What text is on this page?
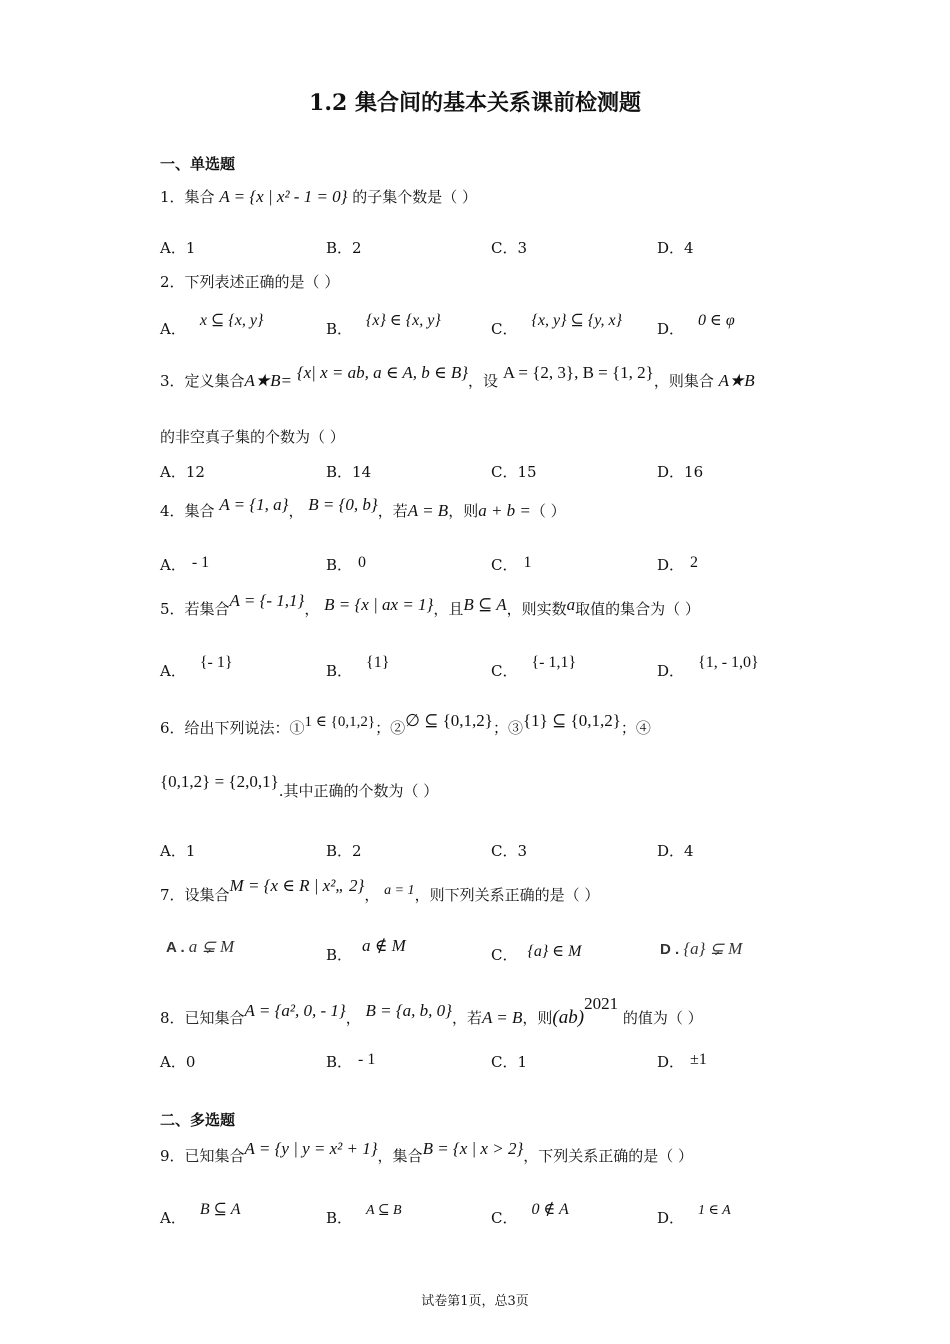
1.2 集合间的基本关系课前检测题
一、单选题
1．集合 A = {x | x² - 1 = 0} 的子集个数是（ ）
A．1	B．2	C．3	D．4
2．下列表述正确的是（ ）
A． x ⊆ {x, y}	B． {x} ∈ {x, y}	C． {x, y} ⊆ {y, x} D． 0 ∈ φ
3．定义集合A★B= {x| x = ab, a ∈ A, b ∈ B}，设 A = {2, 3}, B = {1, 2}，则集合 A★B
的非空真子集的个数为（ ）
A．12	B．14	C．15	D．16
4．集合 A = {1, a}， B = {0, b}，若A = B，则a + b =（ ）
A． - 1	B． 0	C． 1	D． 2
5．若集合A = {- 1,1}， B = {x | ax = 1}，且B ⊆ A，则实数a取值的集合为（ ）
A． {- 1}	B． {1}	C． {- 1,1}	D． {1, - 1,0}
6．给出下列说法：①1 ∈ {0,1,2}；②∅ ⊆ {0,1,2}；③{1} ⊆ {0,1,2}；④
{0,1,2} = {2,0,1}.其中正确的个数为（ ）
A．1	B．2	C．3	D．4
7．设集合M = {x ∈ R | x²„ 2}， a = 1，则下列关系正确的是（ ）
A . a ⊊ M	B． a ∉ M	C． {a} ∈ M	D . {a} ⊊ M
8．已知集合A = {a², 0, - 1}， B = {a, b, 0}，若A = B，则(ab)2021 的值为（ ）
A．0	B． - 1	C．1	D． ±1
二、多选题
9．已知集合A = {y | y = x² + 1}，集合B = {x | x > 2}，下列关系正确的是（ ）
A． B ⊆ A	B． A ⊆ B	C． 0 ∉ A	D． 1 ∈ A
试卷第1页，总3页
